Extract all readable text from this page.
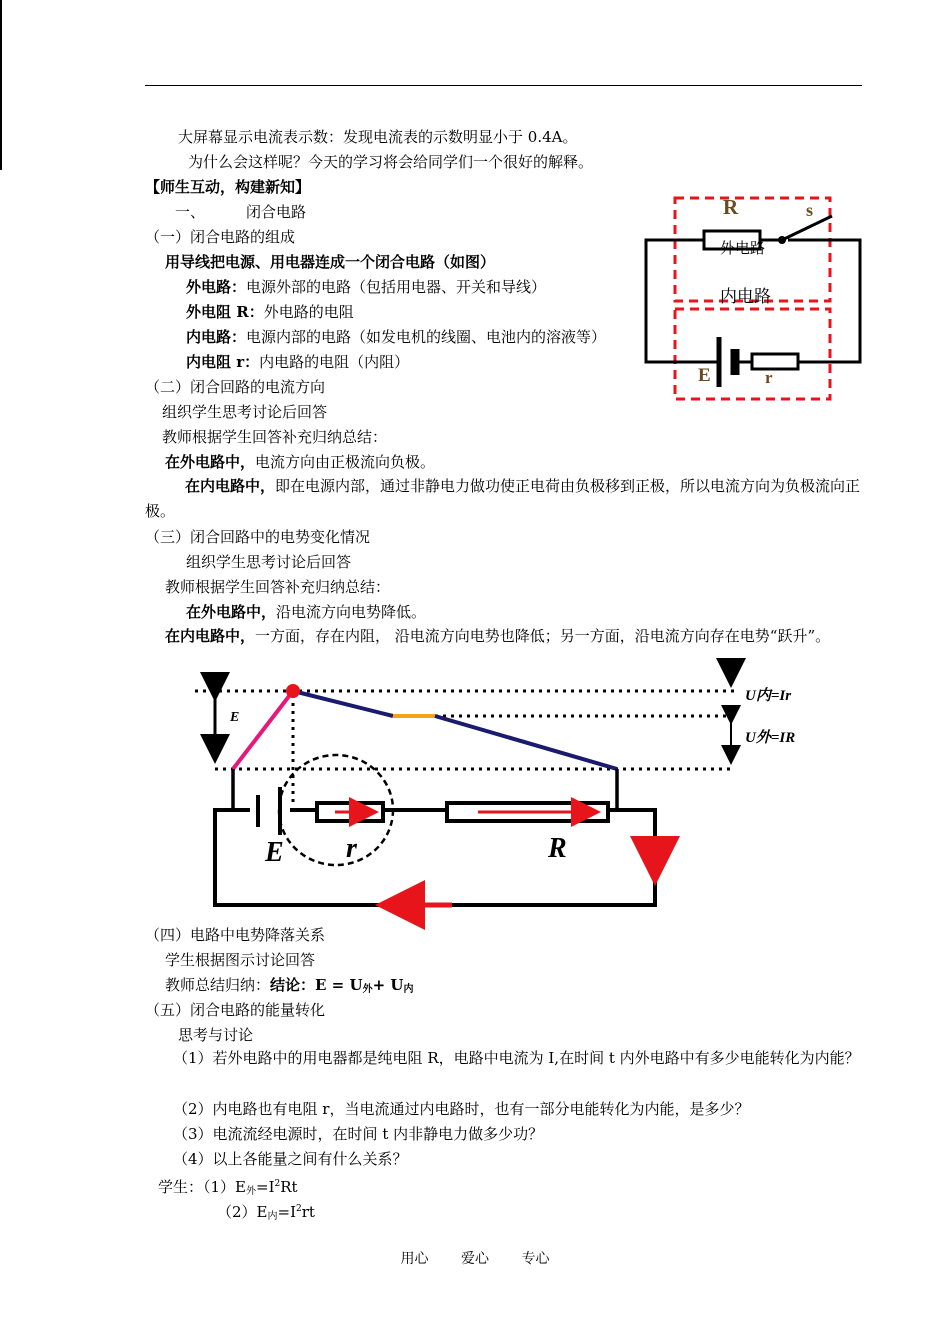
大屏幕显示电流表示数：发现电流表的示数明显小于 0.4A。
为什么会这样呢？今天的学习将会给同学们一个很好的解释。
【师生互动，构建新知】
一、	闭合电路
（一）闭合电路的组成
用导线把电源、用电器连成一个闭合电路（如图）
外电路：电源外部的电路（包括用电器、开关和导线）
外电阻 R：外电路的电阻
内电路：电源内部的电路（如发电机的线圈、电池内的溶液等）
内电阻 r：内电路的电阻（内阻）
（二）闭合回路的电流方向
组织学生思考讨论后回答
教师根据学生回答补充归纳总结：
在外电路中，电流方向由正极流向负极。
在内电路中，即在电源内部，通过非静电力做功使正电荷由负极移到正极，所以电流方向为负极流向正极。
（三）闭合回路中的电势变化情况
组织学生思考讨论后回答
教师根据学生回答补充归纳总结：
在外电路中，沿电流方向电势降低。
在内电路中，一方面，存在内阻， 沿电流方向电势也降低；另一方面，沿电流方向存在电势“跃升”。
（四）电路中电势降落关系
学生根据图示讨论回答
教师总结归纳：结论：$E = U_外+ U_内$
（五）闭合电路的能量转化
思考与讨论
（1）若外电路中的用电器都是纯电阻 R，电路中电流为 I,在时间 t 内外电路中有多少电能转化为内能？
（2）内电路也有电阻 r，当电流通过内电路时，也有一部分电能转化为内能，是多少？
（3）电流流经电源时，在时间 t 内非静电力做多少功？
（4）以上各能量之间有什么关系？
学生：$(1)E_外=I^2Rt$
$(2)E_内=I^2rt$
R	s
外电路
内电路
E	r
E
U内=Ir
U外=IR
E r	R
用心 爱心 专心
